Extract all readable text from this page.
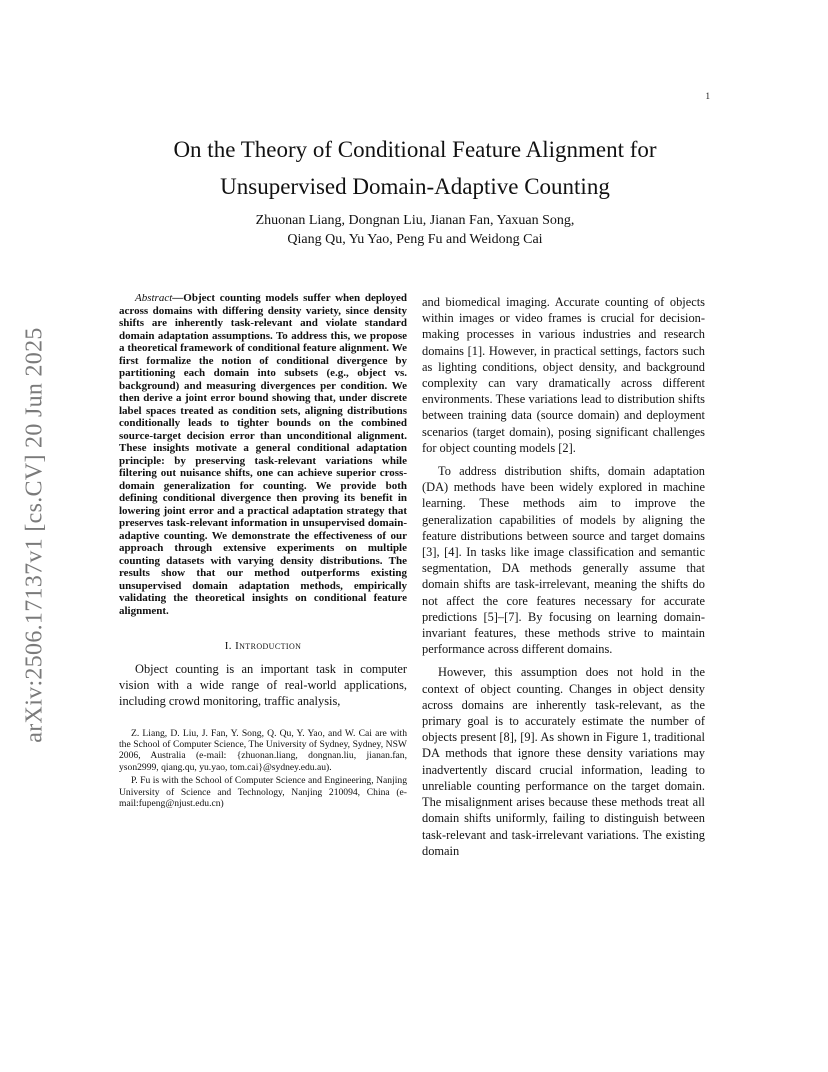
1
arXiv:2506.17137v1 [cs.CV] 20 Jun 2025
On the Theory of Conditional Feature Alignment for
Unsupervised Domain-Adaptive Counting
Zhuonan Liang, Dongnan Liu, Jianan Fan, Yaxuan Song,
Qiang Qu, Yu Yao, Peng Fu and Weidong Cai

Abstract—Object counting models suffer when deployed across domains with differing density variety, since density shifts are inherently task-relevant and violate standard domain adaptation assumptions. To address this, we propose a theoretical framework of conditional feature alignment. We first formalize the notion of conditional divergence by partitioning each domain into subsets (e.g., object vs. background) and measuring divergences per condition. We then derive a joint error bound showing that, under discrete label spaces treated as condition sets, aligning distributions conditionally leads to tighter bounds on the combined source-target decision error than unconditional alignment. These insights motivate a general conditional adaptation principle: by preserving task-relevant variations while filtering out nuisance shifts, one can achieve superior cross-domain generalization for counting. We provide both defining conditional divergence then proving its benefit in lowering joint error and a practical adaptation strategy that preserves task-relevant information in unsupervised domain-adaptive counting. We demonstrate the effectiveness of our approach through extensive experiments on multiple counting datasets with varying density distributions. The results show that our method outperforms existing unsupervised domain adaptation methods, empirically validating the theoretical insights on conditional feature alignment.

I. Introduction

Object counting is an important task in computer vision with a wide range of real-world applications, including crowd monitoring, traffic analysis,

Z. Liang, D. Liu, J. Fan, Y. Song, Q. Qu, Y. Yao, and W. Cai are with the School of Computer Science, The University of Sydney, Sydney, NSW 2006, Australia (e-mail: {zhuonan.liang, dongnan.liu, jianan.fan, yson2999, qiang.qu, yu.yao, tom.cai}@sydney.edu.au).

P. Fu is with the School of Computer Science and Engineering, Nanjing University of Science and Technology, Nanjing 210094, China (e-mail:fupeng@njust.edu.cn)

and biomedical imaging. Accurate counting of objects within images or video frames is crucial for decision-making processes in various industries and research domains [1]. However, in practical settings, factors such as lighting conditions, object density, and background complexity can vary dramatically across different environments. These variations lead to distribution shifts between training data (source domain) and deployment scenarios (target domain), posing significant challenges for object counting models [2].

To address distribution shifts, domain adaptation (DA) methods have been widely explored in machine learning. These methods aim to improve the generalization capabilities of models by aligning the feature distributions between source and target domains [3], [4]. In tasks like image classification and semantic segmentation, DA methods generally assume that domain shifts are task-irrelevant, meaning the shifts do not affect the core features necessary for accurate predictions [5]–[7]. By focusing on learning domain-invariant features, these methods strive to maintain performance across different domains.

However, this assumption does not hold in the context of object counting. Changes in object density across domains are inherently task-relevant, as the primary goal is to accurately estimate the number of objects present [8], [9]. As shown in Figure 1, traditional DA methods that ignore these density variations may inadvertently discard crucial information, leading to unreliable counting performance on the target domain. The misalignment arises because these methods treat all domain shifts uniformly, failing to distinguish between task-relevant and task-irrelevant variations. The existing domain
